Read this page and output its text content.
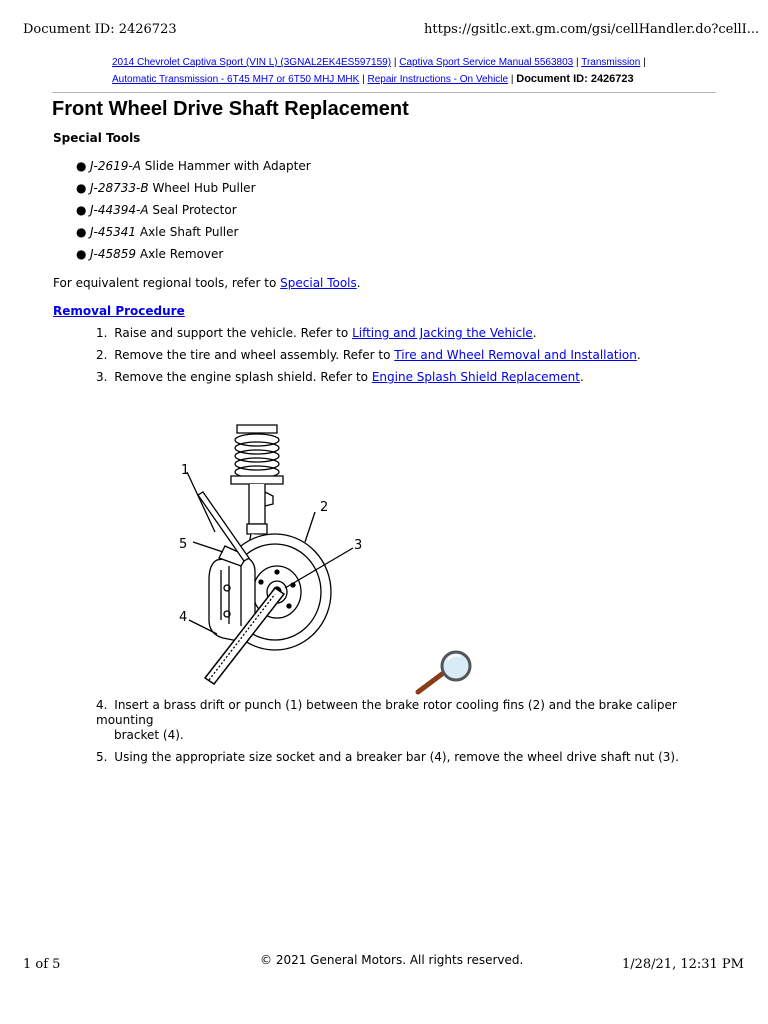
Document ID: 2426723	https://gsitlc.ext.gm.com/gsi/cellHandler.do?cellI...
2014 Chevrolet Captiva Sport (VIN L) (3GNAL2EK4ES597159) | Captiva Sport Service Manual 5563803 | Transmission |
Automatic Transmission - 6T45 MH7 or 6T50 MHJ MHK | Repair Instructions - On Vehicle | Document ID: 2426723
Front Wheel Drive Shaft Replacement
Special Tools
● J-2619-A Slide Hammer with Adapter
● J-28733-B Wheel Hub Puller
● J-44394-A Seal Protector
● J-45341 Axle Shaft Puller
● J-45859 Axle Remover
For equivalent regional tools, refer to Special Tools.
Removal Procedure
1. Raise and support the vehicle. Refer to Lifting and Jacking the Vehicle.
2. Remove the tire and wheel assembly. Refer to Tire and Wheel Removal and Installation.
3. Remove the engine splash shield. Refer to Engine Splash Shield Replacement.
1
2
3
4
5
4. Insert a brass drift or punch (1) between the brake rotor cooling fins (2) and the brake caliper mounting
bracket (4).
5. Using the appropriate size socket and a breaker bar (4), remove the wheel drive shaft nut (3).
1 of 5	© 2021 General Motors. All rights reserved.	1/28/21, 12:31 PM
